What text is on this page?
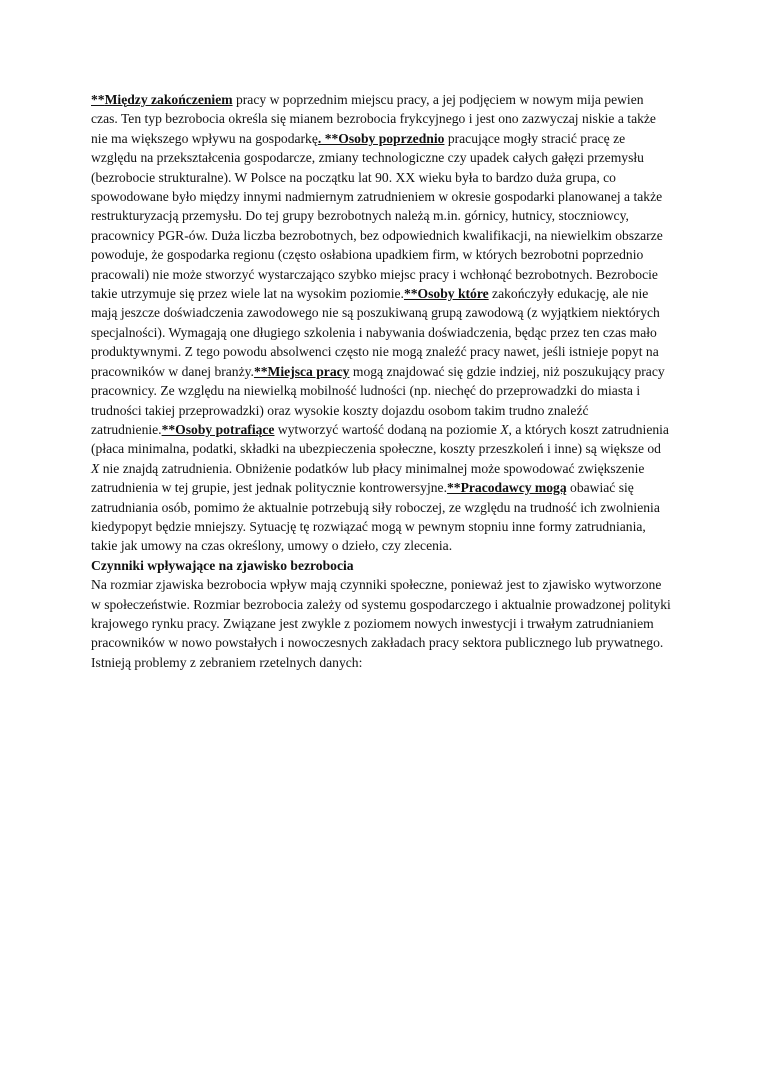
**Między zakończeniem pracy w poprzednim miejscu pracy, a jej podjęciem w nowym mija pewien czas. Ten typ bezrobocia określa się mianem bezrobocia frykcyjnego i jest ono zazwyczaj niskie a także nie ma większego wpływu na gospodarkę. **Osoby poprzednio pracujące mogły stracić pracę ze względu na przekształcenia gospodarcze, zmiany technologiczne czy upadek całych gałęzi przemysłu (bezrobocie strukturalne). W Polsce na początku lat 90. XX wieku była to bardzo duża grupa, co spowodowane było między innymi nadmiernym zatrudnieniem w okresie gospodarki planowanej a także restrukturyzacją przemysłu. Do tej grupy bezrobotnych należą m.in. górnicy, hutnicy, stoczniowcy, pracownicy PGR-ów. Duża liczba bezrobotnych, bez odpowiednich kwalifikacji, na niewielkim obszarze powoduje, że gospodarka regionu (często osłabiona upadkiem firm, w których bezrobotni poprzednio pracowali) nie może stworzyć wystarczająco szybko miejsc pracy i wchłonąć bezrobotnych. Bezrobocie takie utrzymuje się przez wiele lat na wysokim poziomie.**Osoby które zakończyły edukację, ale nie mają jeszcze doświadczenia zawodowego nie są poszukiwaną grupą zawodową (z wyjątkiem niektórych specjalności). Wymagają one długiego szkolenia i nabywania doświadczenia, będąc przez ten czas mało produktywnymi. Z tego powodu absolwenci często nie mogą znaleźć pracy nawet, jeśli istnieje popyt na pracowników w danej branży.**Miejsca pracy mogą znajdować się gdzie indziej, niż poszukujący pracy pracownicy. Ze względu na niewielką mobilność ludności (np. niechęć do przeprowadzki do miasta i trudności takiej przeprowadzki) oraz wysokie koszty dojazdu osobom takim trudno znaleźć zatrudnienie.**Osoby potrafiące wytworzyć wartość dodaną na poziomie X, a których koszt zatrudnienia (płaca minimalna, podatki, składki na ubezpieczenia społeczne, koszty przeszkoleń i inne) są większe od X nie znajdą zatrudnienia. Obniżenie podatków lub płacy minimalnej może spowodować zwiększenie zatrudnienia w tej grupie, jest jednak politycznie kontrowersyjne.**Pracodawcy mogą obawiać się zatrudniania osób, pomimo że aktualnie potrzebują siły roboczej, ze względu na trudność ich zwolnienia kiedypopyt będzie mniejszy. Sytuację tę rozwiązać mogą w pewnym stopniu inne formy zatrudniania, takie jak umowy na czas określony, umowy o dzieło, czy zlecenia.

Czynniki wpływające na zjawisko bezrobocia

Na rozmiar zjawiska bezrobocia wpływ mają czynniki społeczne, ponieważ jest to zjawisko wytworzone w społeczeństwie. Rozmiar bezrobocia zależy od systemu gospodarczego i aktualnie prowadzonej polityki krajowego rynku pracy. Związane jest zwykle z poziomem nowych inwestycji i trwałym zatrudnianiem pracowników w nowo powstałych i nowoczesnych zakładach pracy sektora publicznego lub prywatnego.

Istnieją problemy z zebraniem rzetelnych danych:
